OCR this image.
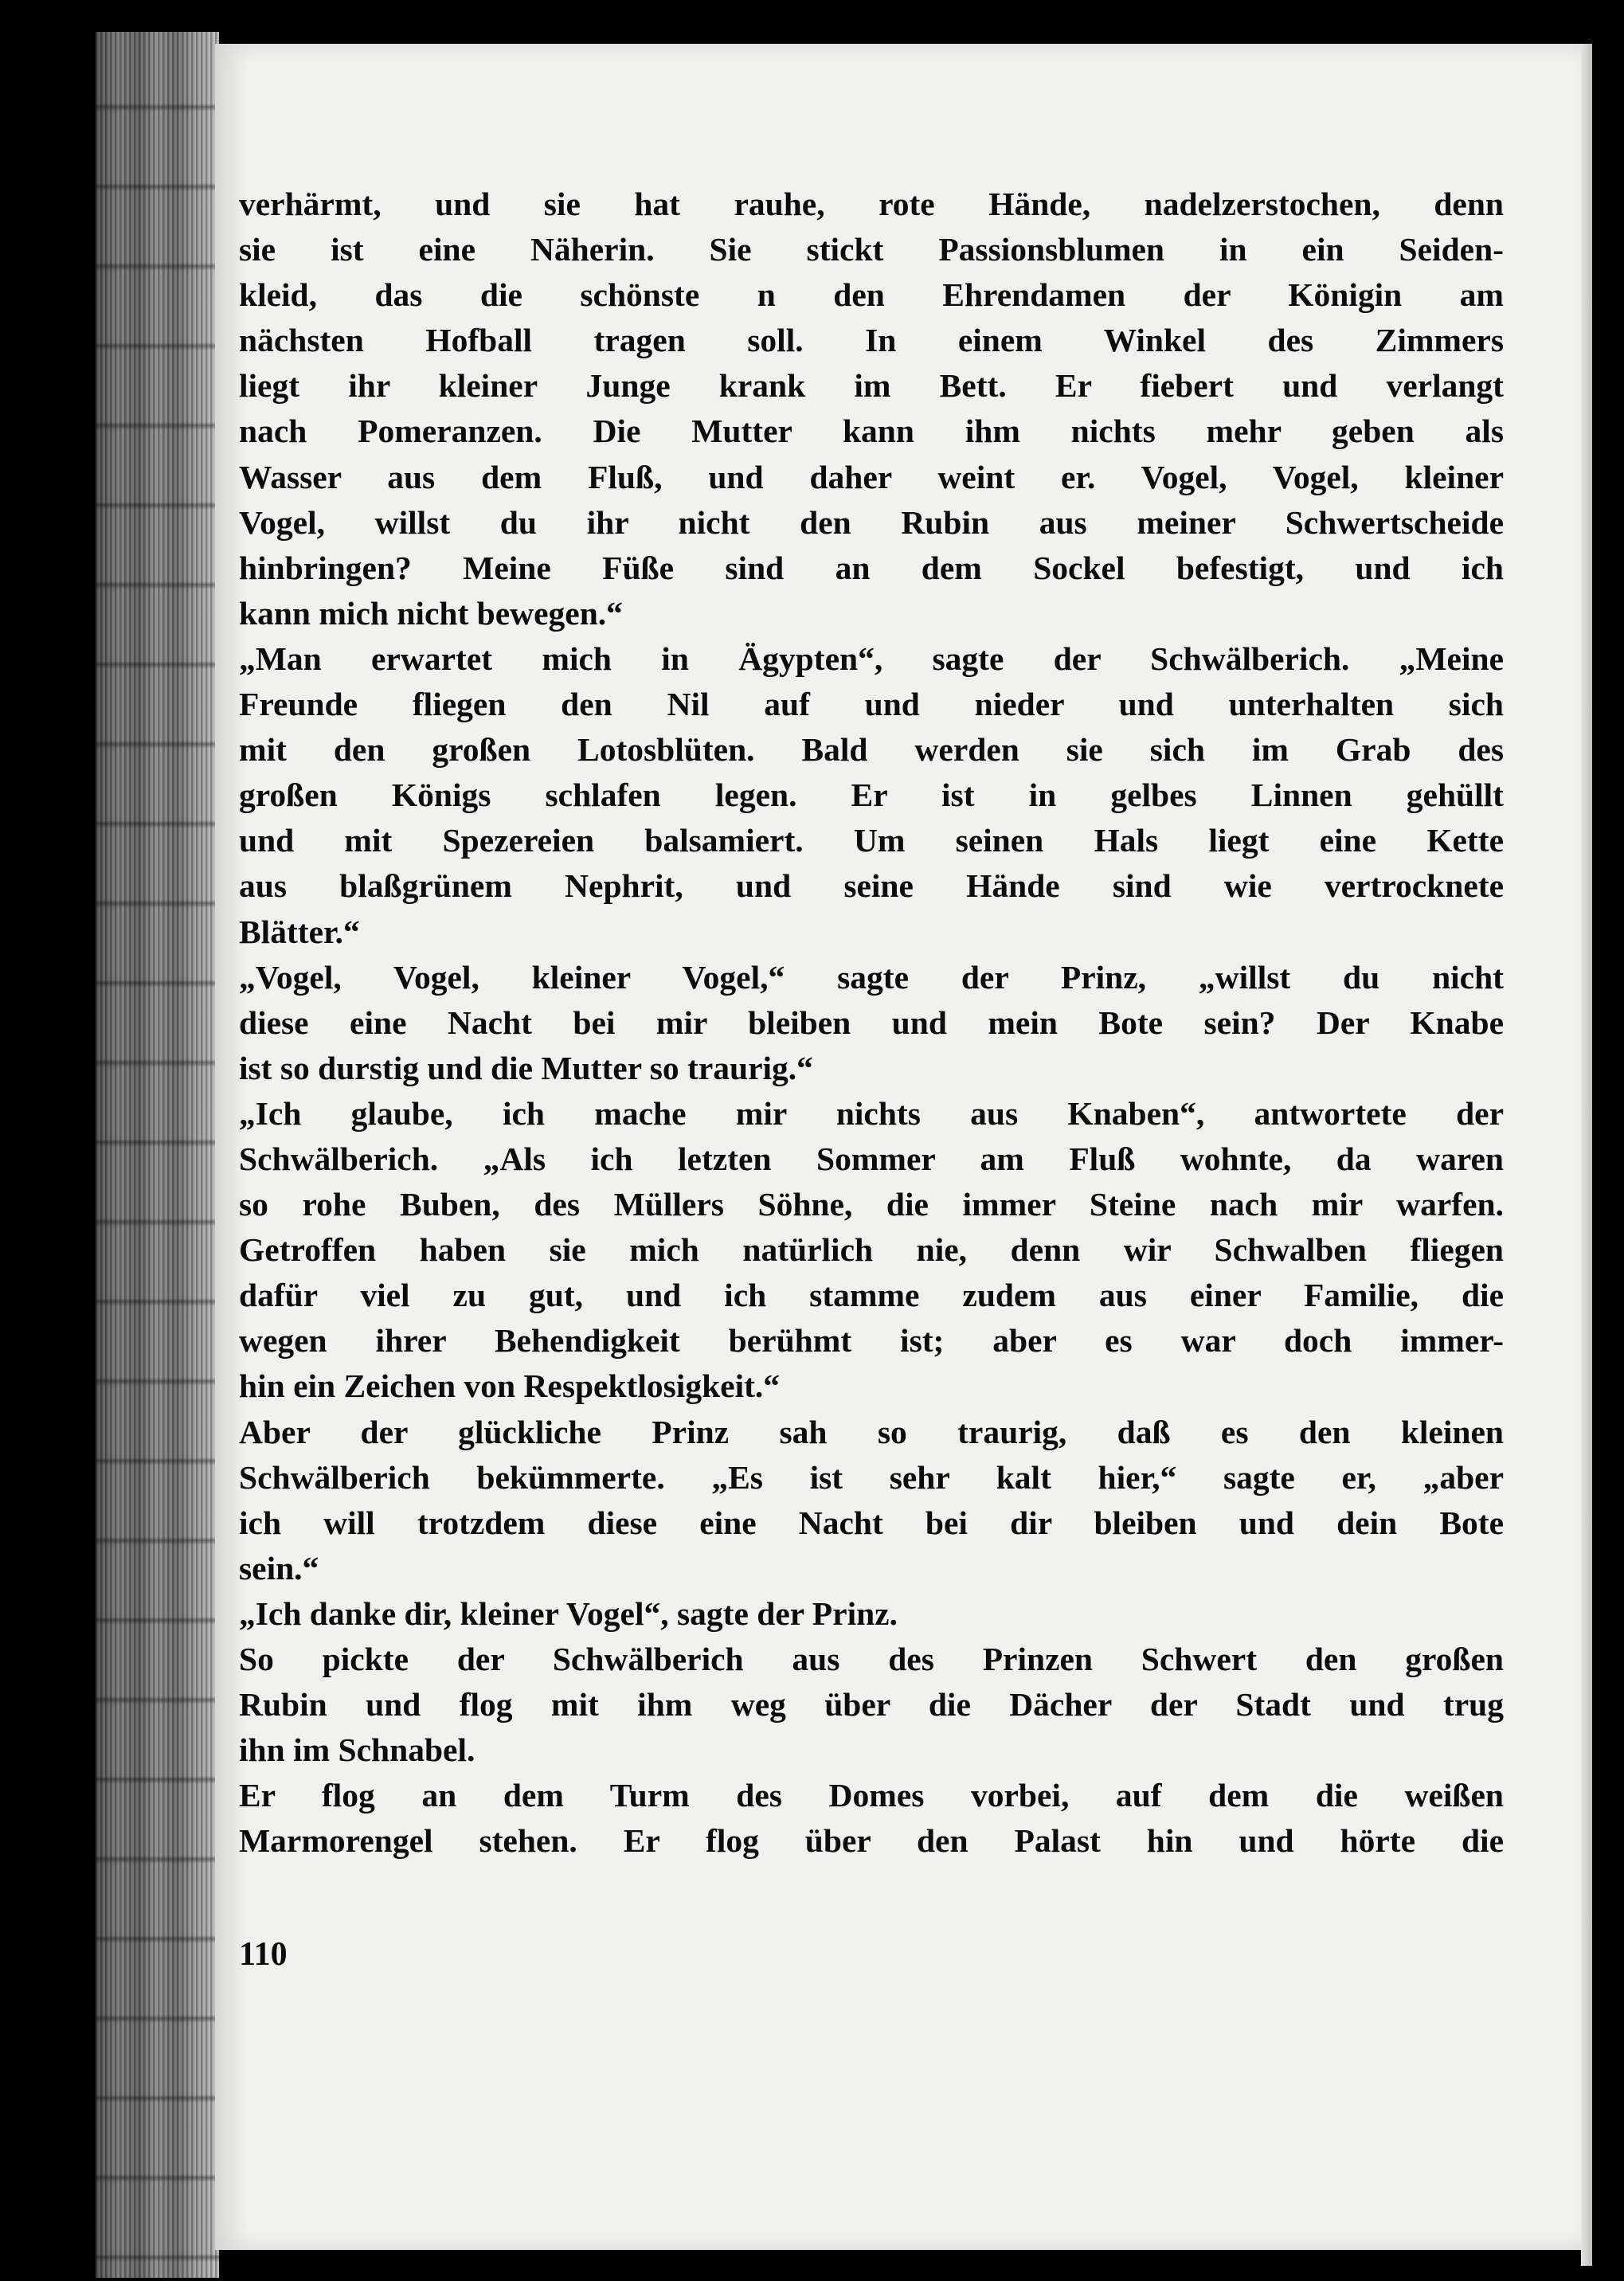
verhärmt, und sie hat rauhe, rote Hände, nadelzerstochen, denn
sie ist eine Näherin. Sie stickt Passionsblumen in ein Seiden-
kleid, das die schönste n den Ehrendamen der Königin am
nächsten Hofball tragen soll. In einem Winkel des Zimmers
liegt ihr kleiner Junge krank im Bett. Er fiebert und verlangt
nach Pomeranzen. Die Mutter kann ihm nichts mehr geben als
Wasser aus dem Fluß, und daher weint er. Vogel, Vogel, kleiner
Vogel, willst du ihr nicht den Rubin aus meiner Schwertscheide
hinbringen? Meine Füße sind an dem Sockel befestigt, und ich
kann mich nicht bewegen.“
„Man erwartet mich in Ägypten“, sagte der Schwälberich. „Meine
Freunde fliegen den Nil auf und nieder und unterhalten sich
mit den großen Lotosblüten. Bald werden sie sich im Grab des
großen Königs schlafen legen. Er ist in gelbes Linnen gehüllt
und mit Spezereien balsamiert. Um seinen Hals liegt eine Kette
aus blaßgrünem Nephrit, und seine Hände sind wie vertrocknete
Blätter.“
„Vogel, Vogel, kleiner Vogel,“ sagte der Prinz, „willst du nicht
diese eine Nacht bei mir bleiben und mein Bote sein? Der Knabe
ist so durstig und die Mutter so traurig.“
„Ich glaube, ich mache mir nichts aus Knaben“, antwortete der
Schwälberich. „Als ich letzten Sommer am Fluß wohnte, da waren
so rohe Buben, des Müllers Söhne, die immer Steine nach mir warfen.
Getroffen haben sie mich natürlich nie, denn wir Schwalben fliegen
dafür viel zu gut, und ich stamme zudem aus einer Familie, die
wegen ihrer Behendigkeit berühmt ist; aber es war doch immer-
hin ein Zeichen von Respektlosigkeit.“
Aber der glückliche Prinz sah so traurig, daß es den kleinen
Schwälberich bekümmerte. „Es ist sehr kalt hier,“ sagte er, „aber
ich will trotzdem diese eine Nacht bei dir bleiben und dein Bote
sein.“
„Ich danke dir, kleiner Vogel“, sagte der Prinz.
So pickte der Schwälberich aus des Prinzen Schwert den großen
Rubin und flog mit ihm weg über die Dächer der Stadt und trug
ihn im Schnabel.
Er flog an dem Turm des Domes vorbei, auf dem die weißen
Marmorengel stehen. Er flog über den Palast hin und hörte die
110
